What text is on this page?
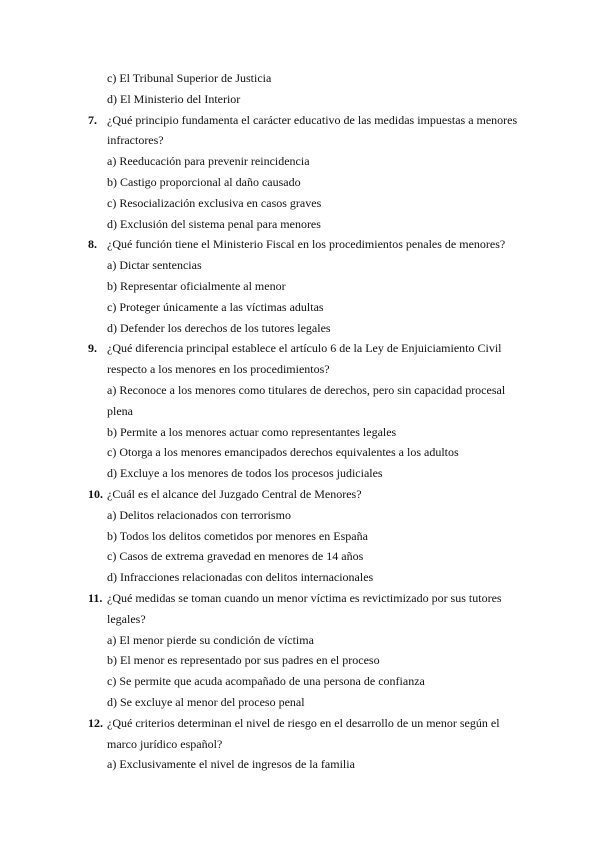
c) El Tribunal Superior de Justicia
d) El Ministerio del Interior
7. ¿Qué principio fundamenta el carácter educativo de las medidas impuestas a menores
infractores?
a) Reeducación para prevenir reincidencia
b) Castigo proporcional al daño causado
c) Resocialización exclusiva en casos graves
d) Exclusión del sistema penal para menores
8. ¿Qué función tiene el Ministerio Fiscal en los procedimientos penales de menores?
a) Dictar sentencias
b) Representar oficialmente al menor
c) Proteger únicamente a las víctimas adultas
d) Defender los derechos de los tutores legales
9. ¿Qué diferencia principal establece el artículo 6 de la Ley de Enjuiciamiento Civil
respecto a los menores en los procedimientos?
a) Reconoce a los menores como titulares de derechos, pero sin capacidad procesal
plena
b) Permite a los menores actuar como representantes legales
c) Otorga a los menores emancipados derechos equivalentes a los adultos
d) Excluye a los menores de todos los procesos judiciales
10. ¿Cuál es el alcance del Juzgado Central de Menores?
a) Delitos relacionados con terrorismo
b) Todos los delitos cometidos por menores en España
c) Casos de extrema gravedad en menores de 14 años
d) Infracciones relacionadas con delitos internacionales
11. ¿Qué medidas se toman cuando un menor víctima es revictimizado por sus tutores
legales?
a) El menor pierde su condición de víctima
b) El menor es representado por sus padres en el proceso
c) Se permite que acuda acompañado de una persona de confianza
d) Se excluye al menor del proceso penal
12. ¿Qué criterios determinan el nivel de riesgo en el desarrollo de un menor según el
marco jurídico español?
a) Exclusivamente el nivel de ingresos de la familia
